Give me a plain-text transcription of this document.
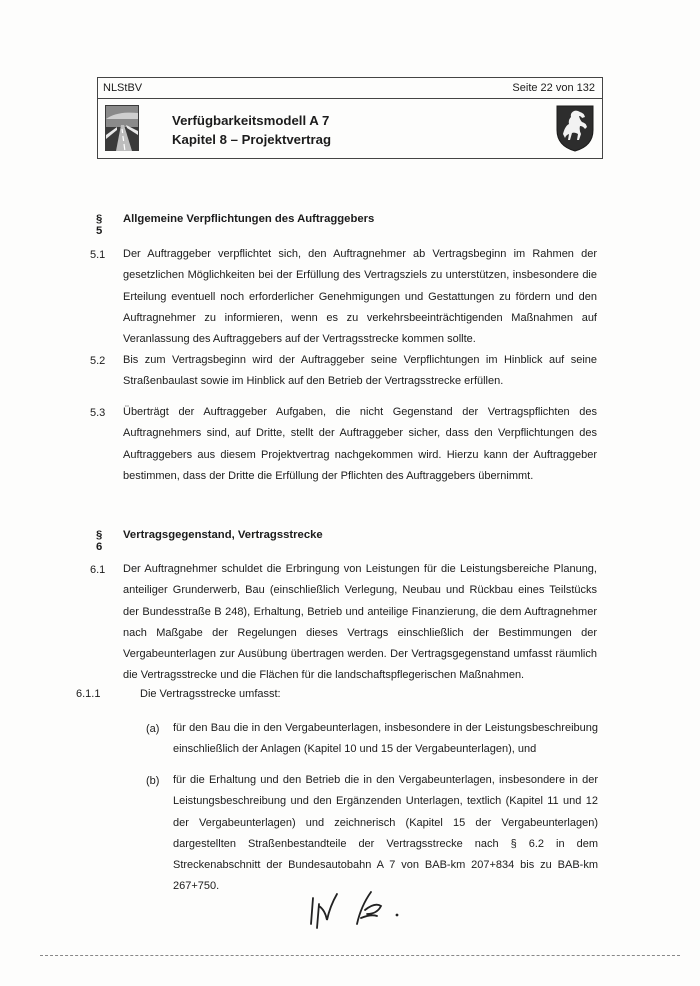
NLStBV	Seite 22 von 132
Verfügbarkeitsmodell A 7
Kapitel 8 – Projektvertrag
§ 5
Allgemeine Verpflichtungen des Auftraggebers
5.1 Der Auftraggeber verpflichtet sich, den Auftragnehmer ab Vertragsbeginn im Rahmen der gesetzlichen Möglichkeiten bei der Erfüllung des Vertragsziels zu unterstützen, insbesondere die Erteilung eventuell noch erforderlicher Genehmigungen und Gestattungen zu fördern und den Auftragnehmer zu informieren, wenn es zu verkehrsbeeinträchtigenden Maßnahmen auf Veranlassung des Auftraggebers auf der Vertragsstrecke kommen sollte.
5.2 Bis zum Vertragsbeginn wird der Auftraggeber seine Verpflichtungen im Hinblick auf seine Straßenbaulast sowie im Hinblick auf den Betrieb der Vertragsstrecke erfüllen.
5.3 Überträgt der Auftraggeber Aufgaben, die nicht Gegenstand der Vertragspflichten des Auftragnehmers sind, auf Dritte, stellt der Auftraggeber sicher, dass den Verpflichtungen des Auftraggebers aus diesem Projektvertrag nachgekommen wird. Hierzu kann der Auftraggeber bestimmen, dass der Dritte die Erfüllung der Pflichten des Auftraggebers übernimmt.
§ 6
Vertragsgegenstand, Vertragsstrecke
6.1 Der Auftragnehmer schuldet die Erbringung von Leistungen für die Leistungsbereiche Planung, anteiliger Grunderwerb, Bau (einschließlich Verlegung, Neubau und Rückbau eines Teilstücks der Bundesstraße B 248), Erhaltung, Betrieb und anteilige Finanzierung, die dem Auftragnehmer nach Maßgabe der Regelungen dieses Vertrags einschließlich der Bestimmungen der Vergabeunterlagen zur Ausübung übertragen werden. Der Vertragsgegenstand umfasst räumlich die Vertragsstrecke und die Flächen für die landschaftspflegerischen Maßnahmen.
6.1.1	Die Vertragsstrecke umfasst:
(a) für den Bau die in den Vergabeunterlagen, insbesondere in der Leistungsbeschreibung einschließlich der Anlagen (Kapitel 10 und 15 der Vergabeunterlagen), und
(b) für die Erhaltung und den Betrieb die in den Vergabeunterlagen, insbesondere in der Leistungsbeschreibung und den Ergänzenden Unterlagen, textlich (Kapitel 11 und 12 der Vergabeunterlagen) und zeichnerisch (Kapitel 15 der Vergabeunterlagen) dargestellten Straßenbestandteile der Vertragsstrecke nach § 6.2 in dem Streckenabschnitt der Bundesautobahn A 7 von BAB-km 207+834 bis zu BAB-km 267+750.
